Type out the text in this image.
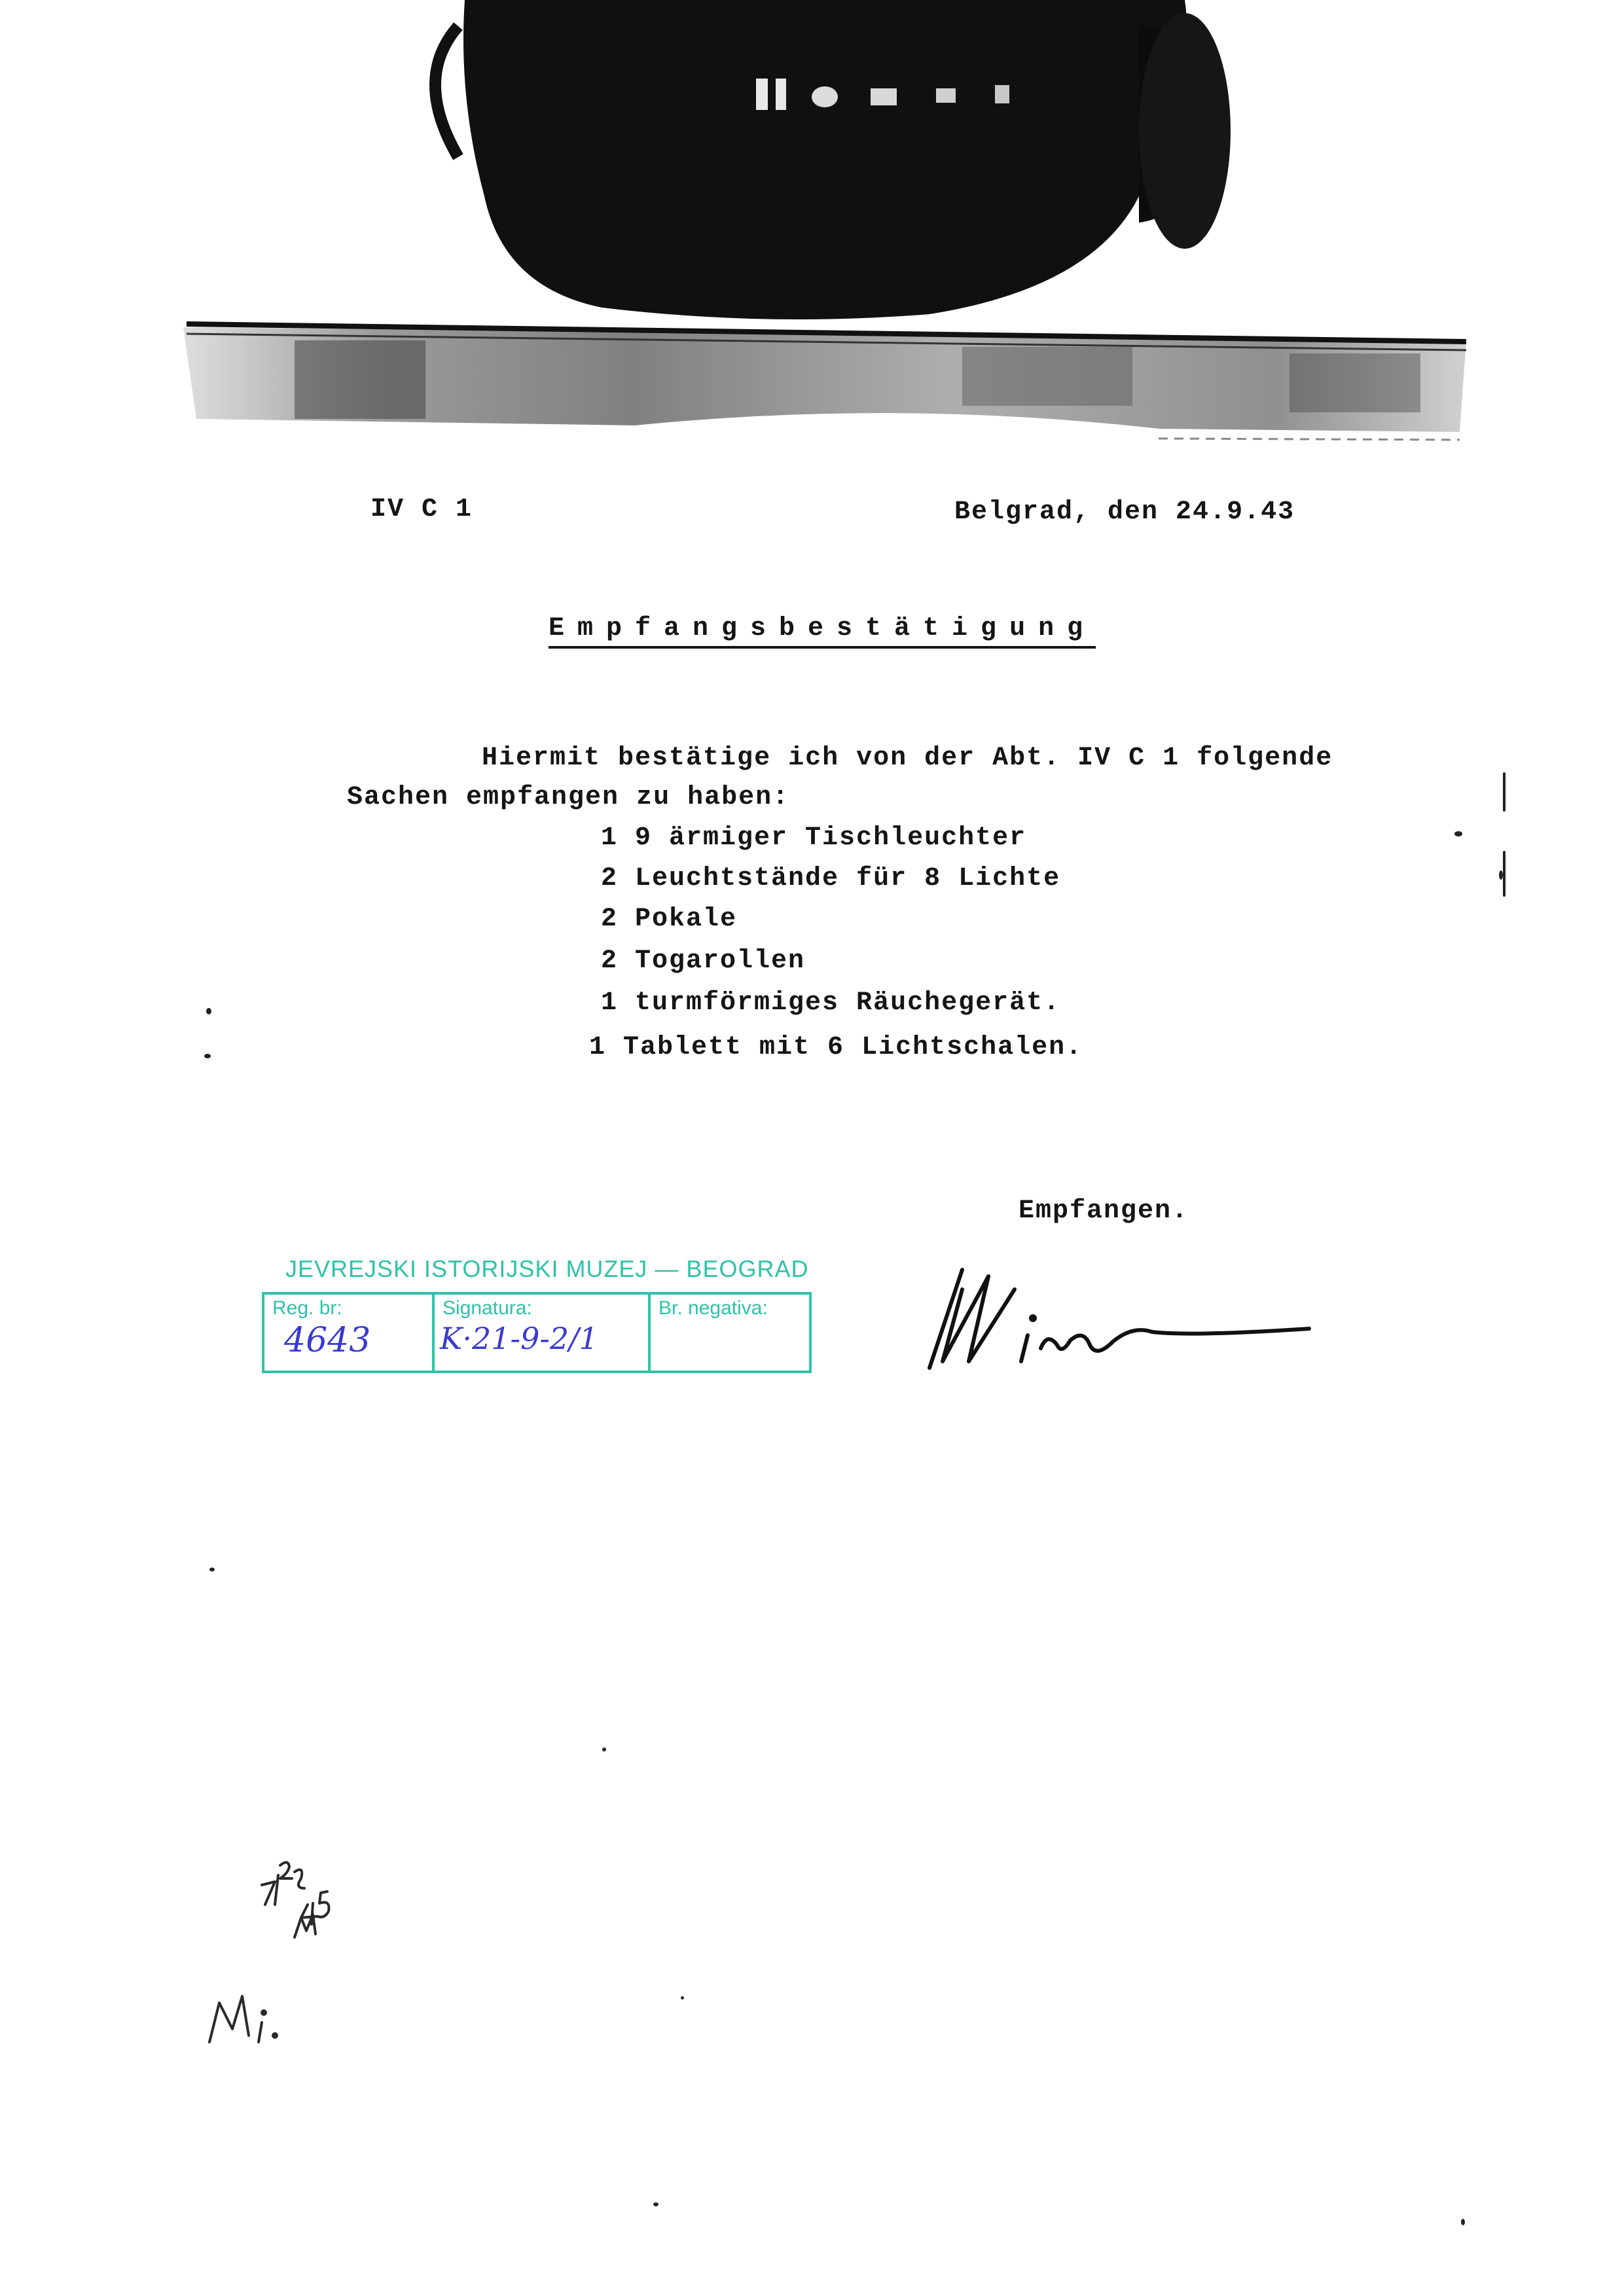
IV C 1	Belgrad, den 24.9.43
Empfangsbestätigung
Hiermit bestätige ich von der Abt. IV C 1 folgende
Sachen empfangen zu haben:
1 9 ärmiger Tischleuchter
2 Leuchtstände für 8 Lichte
2 Pokale
2 Togarollen
1 turmförmiges Räuchegerät.
1 Tablett mit 6 Lichtschalen.
Empfangen.
JEVREJSKI ISTORIJSKI MUZEJ — BEOGRAD
Reg. br:
4643
Signatura:
K·21-9-2/1
Br. negativa:
